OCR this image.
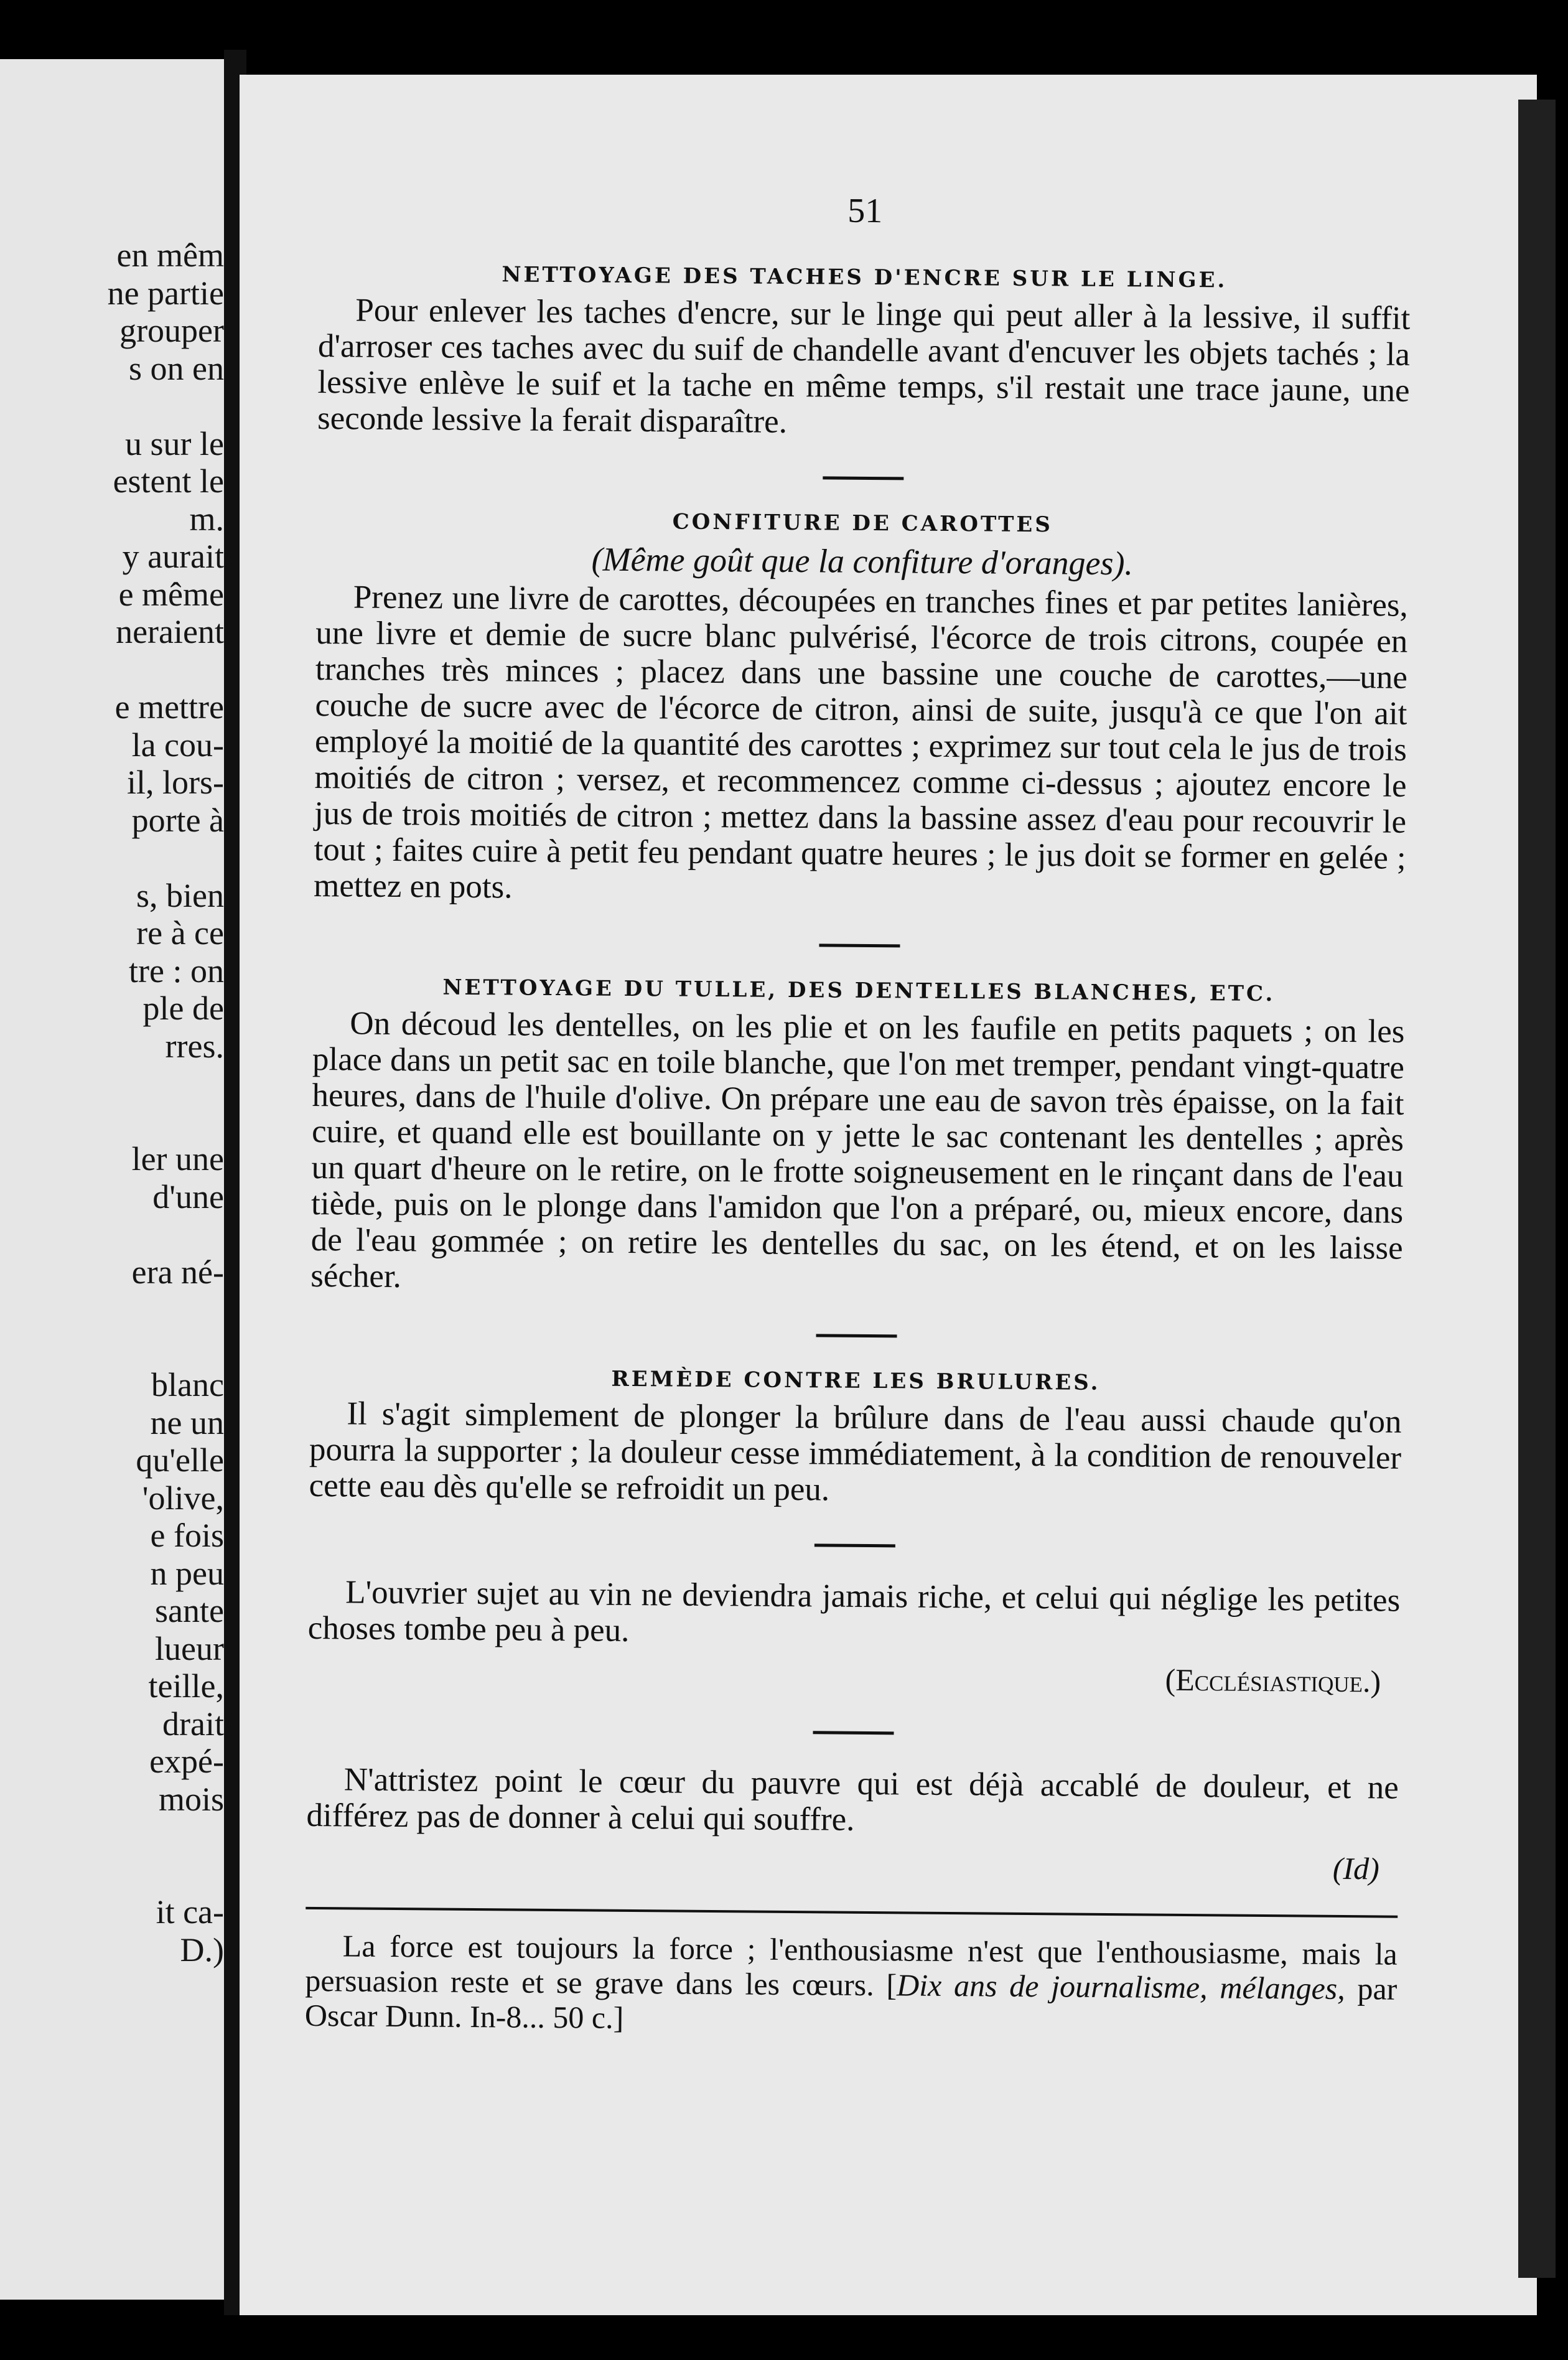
en mêm
ne partie
grouper
s on en
u sur le
estent le
m.
y aurait
e même
neraient
e mettre
la cou-
il, lors-
porte à
s, bien
re à ce
tre : on
ple de
rres.
ler une
d'une
era né-
blanc
ne un
qu'elle
'olive,
e fois
n peu
sante
lueur
teille,
drait
expé-
mois
it ca-
D.)
51
NETTOYAGE DES TACHES D'ENCRE SUR LE LINGE.

Pour enlever les taches d'encre, sur le linge qui peut aller à la lessive, il suffit d'arroser ces taches avec du suif de chandelle avant d'encuver les objets tachés ; la lessive enlève le suif et la tache en même temps, s'il restait une trace jaune, une seconde lessive la ferait disparaître.

CONFITURE DE CAROTTES
(Même goût que la confiture d'oranges).

Prenez une livre de carottes, découpées en tranches fines et par petites lanières, une livre et demie de sucre blanc pulvérisé, l'écorce de trois citrons, coupée en tranches très minces ; placez dans une bassine une couche de carottes,—une couche de sucre avec de l'écorce de citron, ainsi de suite, jusqu'à ce que l'on ait employé la moitié de la quantité des carottes ; exprimez sur tout cela le jus de trois moitiés de citron ; versez, et recommencez comme ci-dessus ; ajoutez encore le jus de trois moitiés de citron ; mettez dans la bassine assez d'eau pour recouvrir le tout ; faites cuire à petit feu pendant quatre heures ; le jus doit se former en gelée ; mettez en pots.

NETTOYAGE DU TULLE, DES DENTELLES BLANCHES, ETC.

On découd les dentelles, on les plie et on les faufile en petits paquets ; on les place dans un petit sac en toile blanche, que l'on met tremper, pendant vingt-quatre heures, dans de l'huile d'olive. On prépare une eau de savon très épaisse, on la fait cuire, et quand elle est bouillante on y jette le sac contenant les dentelles ; après un quart d'heure on le retire, on le frotte soigneusement en le rinçant dans de l'eau tiède, puis on le plonge dans l'amidon que l'on a préparé, ou, mieux encore, dans de l'eau gommée ; on retire les dentelles du sac, on les étend, et on les laisse sécher.

REMÈDE CONTRE LES BRULURES.

Il s'agit simplement de plonger la brûlure dans de l'eau aussi chaude qu'on pourra la supporter ; la douleur cesse immédiatement, à la condition de renouveler cette eau dès qu'elle se refroidit un peu.

L'ouvrier sujet au vin ne deviendra jamais riche, et celui qui néglige les petites choses tombe peu à peu.

(Ecclésiastique.)

N'attristez point le cœur du pauvre qui est déjà accablé de douleur, et ne différez pas de donner à celui qui souffre.

(Id)

La force est toujours la force ; l'enthousiasme n'est que l'enthousiasme, mais la persuasion reste et se grave dans les cœurs. [Dix ans de journalisme, mélanges, par Oscar Dunn. In-8... 50 c.]
